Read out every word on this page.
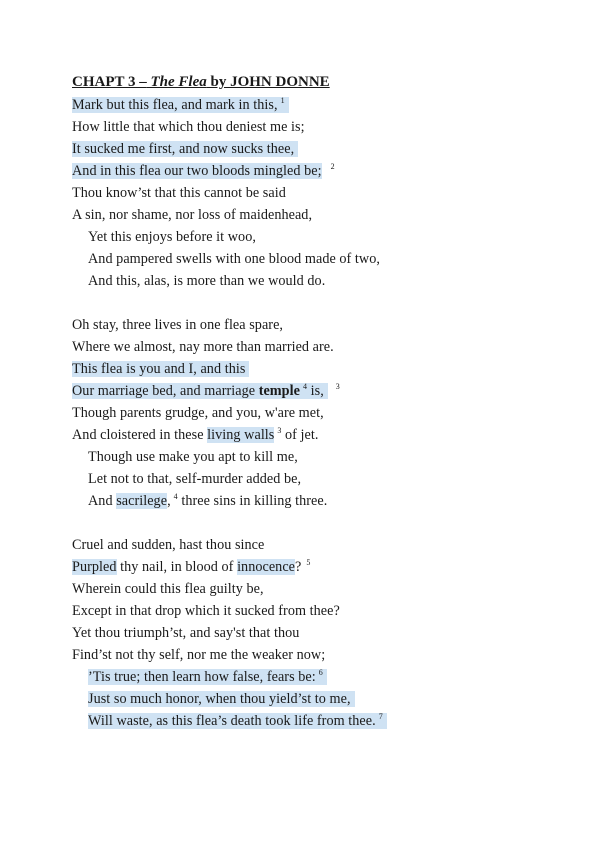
CHAPT 3 – The Flea by JOHN DONNE
Mark but this flea, and mark in this, $^1$
How little that which thou deniest me is;
It sucked me first, and now sucks thee,
And in this flea our two bloods mingled be; $^2$
Thou know’st that this cannot be said
A sin, nor shame, nor loss of maidenhead,
Yet this enjoys before it woo,
And pampered swells with one blood made of two,
And this, alas, is more than we would do.
Oh stay, three lives in one flea spare,
Where we almost, nay more than married are.
This flea is you and I, and this
Our marriage bed, and marriage temple $^4$ is, $^3$
Though parents grudge, and you, w'are met,
And cloistered in these living walls $^3$ of jet.
Though use make you apt to kill me,
Let not to that, self-murder added be,
And sacrilege, $^4$ three sins in killing three.
Cruel and sudden, hast thou since
Purpled thy nail, in blood of innocence? $^5$
Wherein could this flea guilty be,
Except in that drop which it sucked from thee?
Yet thou triumph’st, and say'st that thou
Find’st not thy self, nor me the weaker now;
’Tis true; then learn how false, fears be: $^6$
Just so much honor, when thou yield’st to me,
Will waste, as this flea’s death took life from thee. $^7$
